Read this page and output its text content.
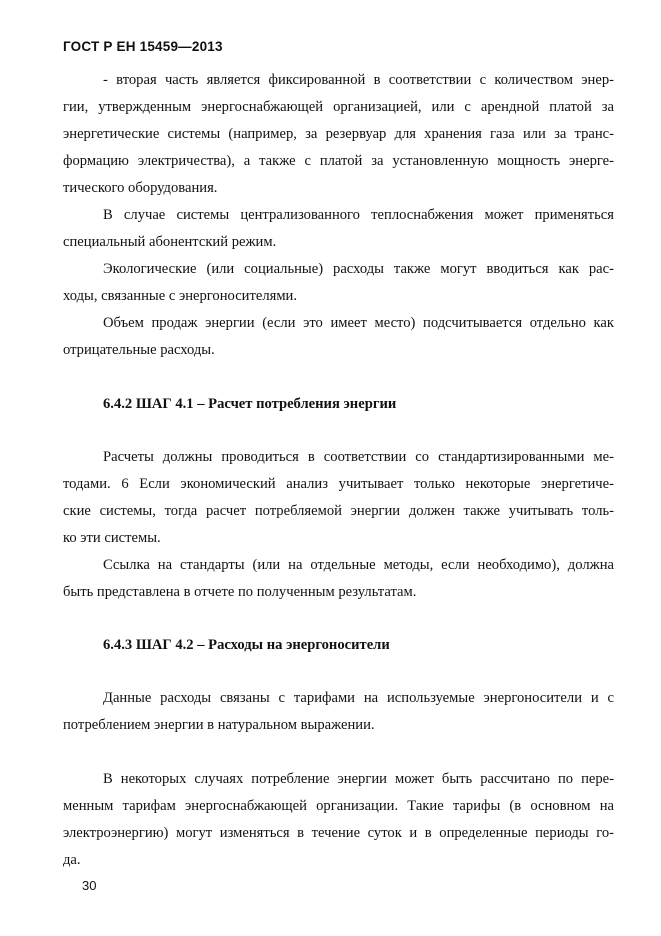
ГОСТ Р ЕН 15459—2013
- вторая часть является фиксированной в соответствии с количеством энер-
гии, утвержденным энергоснабжающей организацией, или с арендной платой за
энергетические системы (например, за резервуар для хранения газа или за транс-
формацию электричества), а также с платой за установленную мощность энерге-
тического оборудования.
В случае системы централизованного теплоснабжения может применяться
специальный абонентский режим.
Экологические (или социальные) расходы также могут вводиться как рас-
ходы, связанные с энергоносителями.
Объем продаж энергии (если это имеет место) подсчитывается отдельно как
отрицательные расходы.
6.4.2 ШАГ 4.1 – Расчет потребления энергии
Расчеты должны проводиться в соответствии со стандартизированными ме-
тодами. 6 Если экономический анализ учитывает только некоторые энергетиче-
ские системы, тогда расчет потребляемой энергии должен также учитывать толь-
ко эти системы.
Ссылка на стандарты (или на отдельные методы, если необходимо), должна
быть представлена в отчете по полученным результатам.
6.4.3 ШАГ 4.2 – Расходы на энергоносители
Данные расходы связаны с тарифами на используемые энергоносители и с
потреблением энергии в натуральном выражении.
В некоторых случаях потребление энергии может быть рассчитано по пере-
менным тарифам энергоснабжающей организации. Такие тарифы (в основном на
электроэнергию) могут изменяться в течение суток и в определенные периоды го-
да.
30
